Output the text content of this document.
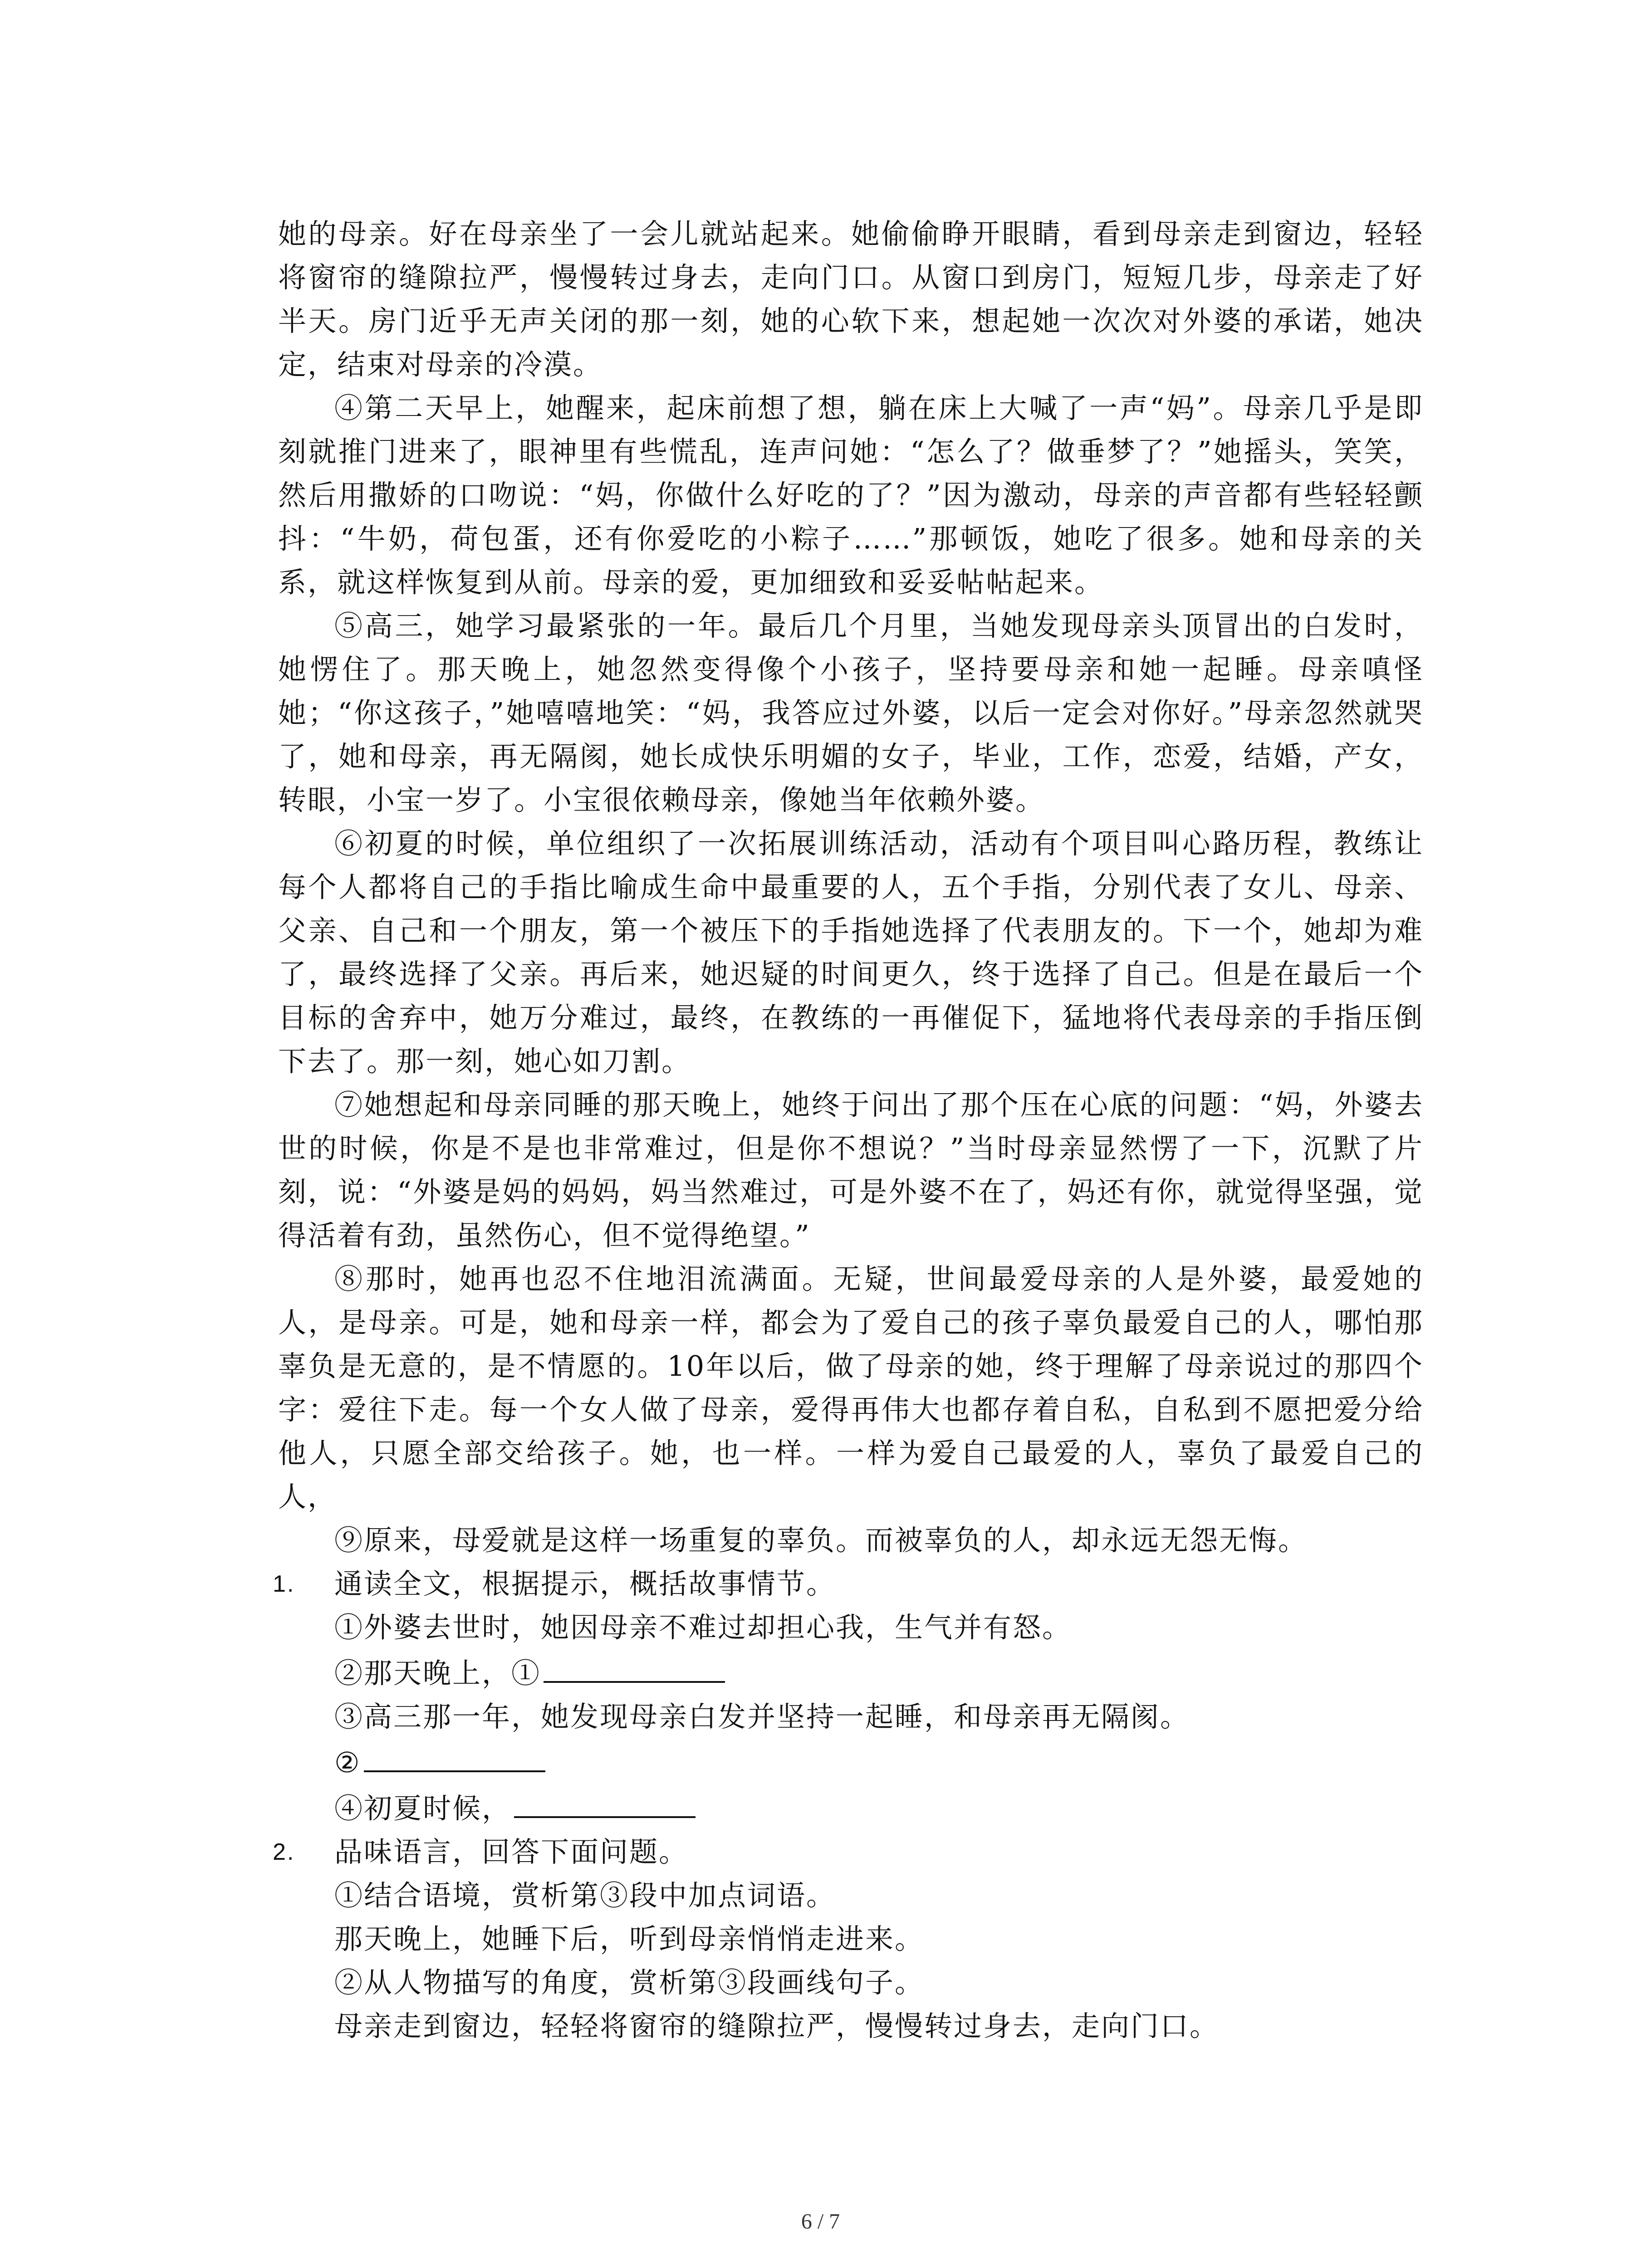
她的母亲。好在母亲坐了一会儿就站起来。她偷偷睁开眼睛，看到母亲走到窗边，轻轻将窗帘的缝隙拉严，慢慢转过身去，走向门口。从窗口到房门，短短几步，母亲走了好半天。房门近乎无声关闭的那一刻，她的心软下来，想起她一次次对外婆的承诺，她决定，结束对母亲的冷漠。

④第二天早上，她醒来，起床前想了想，躺在床上大喊了一声“妈”。母亲几乎是即刻就推门进来了，眼神里有些慌乱，连声问她：“怎么了？做垂梦了？”她摇头，笑笑，然后用撒娇的口吻说：“妈，你做什么好吃的了？”因为激动，母亲的声音都有些轻轻颤抖：“牛奶，荷包蛋，还有你爱吃的小粽子……”那顿饭，她吃了很多。她和母亲的关系，就这样恢复到从前。母亲的爱，更加细致和妥妥帖帖起来。

⑤高三，她学习最紧张的一年。最后几个月里，当她发现母亲头顶冒出的白发时，她愣住了。那天晚上，她忽然变得像个小孩子，坚持要母亲和她一起睡。母亲嗔怪她；“你这孩子，”她嘻嘻地笑：“妈，我答应过外婆，以后一定会对你好。”母亲忽然就哭了，她和母亲，再无隔阂，她长成快乐明媚的女子，毕业，工作，恋爱，结婚，产女，转眼，小宝一岁了。小宝很依赖母亲，像她当年依赖外婆。

⑥初夏的时候，单位组织了一次拓展训练活动，活动有个项目叫心路历程，教练让每个人都将自己的手指比喻成生命中最重要的人，五个手指，分别代表了女儿、母亲、父亲、自己和一个朋友，第一个被压下的手指她选择了代表朋友的。下一个，她却为难了，最终选择了父亲。再后来，她迟疑的时间更久，终于选择了自己。但是在最后一个目标的舍弃中，她万分难过，最终，在教练的一再催促下，猛地将代表母亲的手指压倒下去了。那一刻，她心如刀割。

⑦她想起和母亲同睡的那天晚上，她终于问出了那个压在心底的问题：“妈，外婆去世的时候，你是不是也非常难过，但是你不想说？”当时母亲显然愣了一下，沉默了片刻，说：“外婆是妈的妈妈，妈当然难过，可是外婆不在了，妈还有你，就觉得坚强，觉得活着有劲，虽然伤心，但不觉得绝望。”

⑧那时，她再也忍不住地泪流满面。无疑，世间最爱母亲的人是外婆，最爱她的人，是母亲。可是，她和母亲一样，都会为了爱自己的孩子辜负最爱自己的人，哪怕那辜负是无意的，是不情愿的。10年以后，做了母亲的她，终于理解了母亲说过的那四个字：爱往下走。每一个女人做了母亲，爱得再伟大也都存着自私，自私到不愿把爱分给他人，只愿全部交给孩子。她，也一样。一样为爱自己最爱的人，辜负了最爱自己的人，

⑨原来，母爱就是这样一场重复的辜负。而被辜负的人，却永远无怨无悔。

1. 通读全文，根据提示，概括故事情节。

①外婆去世时，她因母亲不难过却担心我，生气并有怒。

②那天晚上，①

③高三那一年，她发现母亲白发并坚持一起睡，和母亲再无隔阂。

②

④初夏时候，

2. 品味语言，回答下面问题。

①结合语境，赏析第③段中加点词语。

那天晚上，她睡下后，听到母亲悄悄走进来。

②从人物描写的角度，赏析第③段画线句子。

母亲走到窗边，轻轻将窗帘的缝隙拉严，慢慢转过身去，走向门口。

6 / 7
